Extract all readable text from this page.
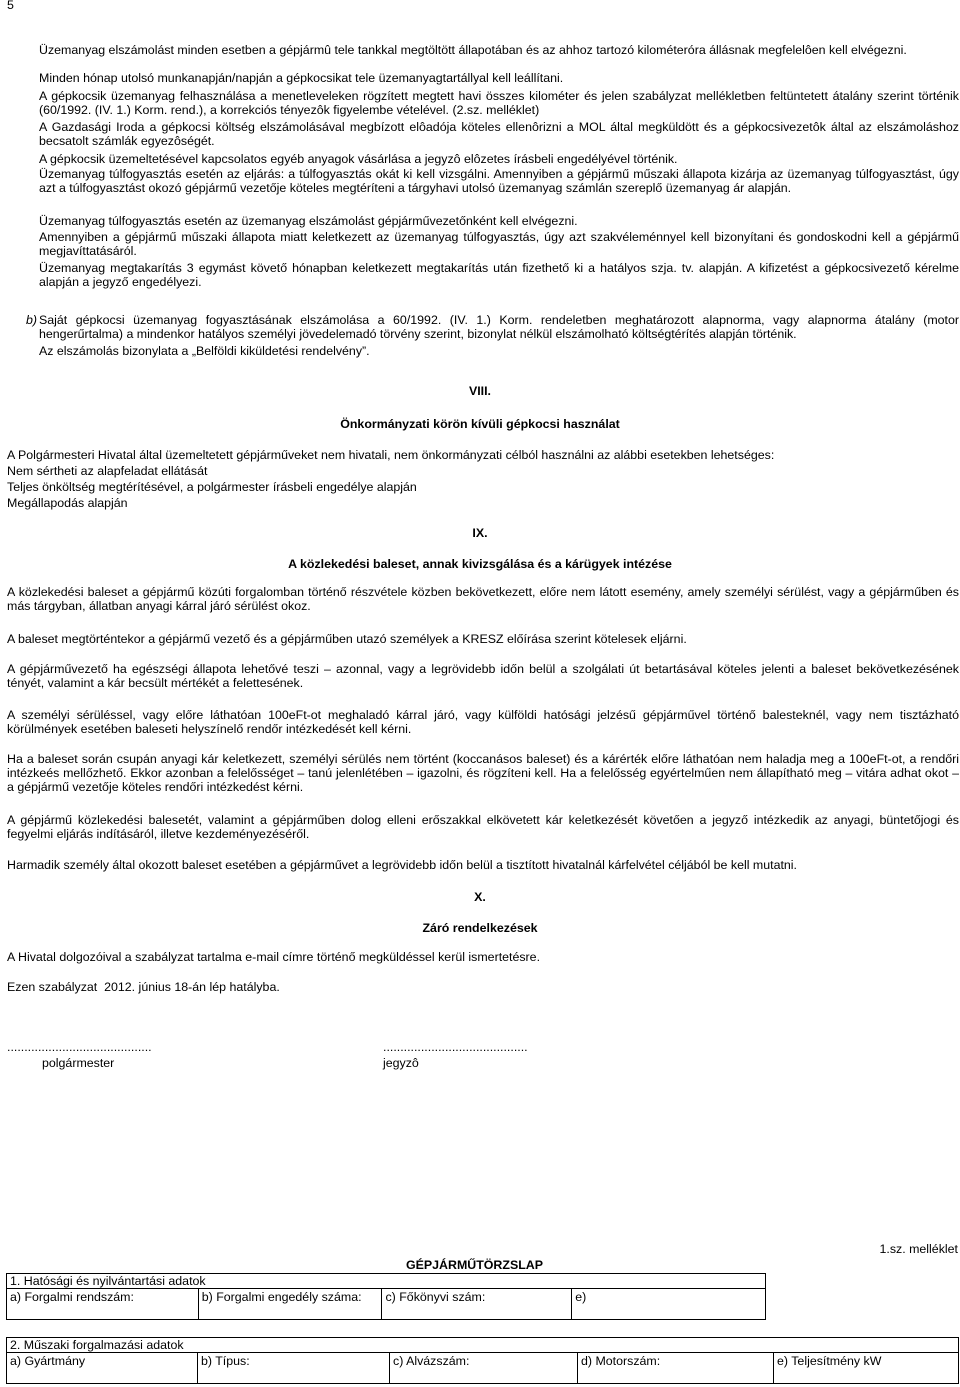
5

Üzemanyag elszámolást minden esetben a gépjármû tele tankkal megtöltött állapotában és az ahhoz tartozó kilométeróra állásnak megfelelôen kell elvégezni.

Minden hónap utolsó munkanapján/napján a gépkocsikat tele üzemanyagtartállyal kell leállítani.

A gépkocsik üzemanyag felhasználása a menetleveleken rögzített megtett havi összes kilométer és jelen szabályzat mellékletben feltüntetett átalány szerint történik (60/1992. (IV. 1.) Korm. rend.), a korrekciós tényezôk figyelembe vételével. (2.sz. melléklet)

A Gazdasági Iroda a gépkocsi költség elszámolásával megbízott elôadója köteles ellenôrizni a MOL által megküldött és a gépkocsivezetôk által az elszámoláshoz becsatolt számlák egyezôségét.

A gépkocsik üzemeltetésével kapcsolatos egyéb anyagok vásárlása a jegyzô elôzetes írásbeli engedélyével történik.

Üzemanyag túlfogyasztás esetén az eljárás: a túlfogyasztás okát ki kell vizsgálni. Amennyiben a gépjármű műszaki állapota kizárja az üzemanyag túlfogyasztást, úgy azt a túlfogyasztást okozó gépjármű vezetője köteles megtéríteni a tárgyhavi utolsó üzemanyag számlán szereplő üzemanyag ár alapján.

Üzemanyag túlfogyasztás esetén az üzemanyag elszámolást gépjárművezetőnként kell elvégezni.

Amennyiben a gépjármű műszaki állapota miatt keletkezett az üzemanyag túlfogyasztás, úgy azt szakvéleménnyel kell bizonyítani és gondoskodni kell a gépjármű megjavíttatásáról.

Üzemanyag megtakarítás 3 egymást követő hónapban keletkezett megtakarítás után fizethető ki a hatályos szja. tv. alapján. A kifizetést a gépkocsivezető kérelme alapján a jegyző engedélyezi.

b) Saját gépkocsi üzemanyag fogyasztásának elszámolása a 60/1992. (IV. 1.) Korm. rendeletben meghatározott alapnorma, vagy alapnorma átalány (motor hengerűrtalma) a mindenkor hatályos személyi jövedelemadó törvény szerint, bizonylat nélkül elszámolható költségtérítés alapján történik.

Az elszámolás bizonylata a „Belföldi kiküldetési rendelvény”.

VIII.

Önkormányzati körön kívüli gépkocsi használat

A Polgármesteri Hivatal által üzemeltetett gépjárműveket nem hivatali, nem önkormányzati célból használni az alábbi esetekben lehetséges:

Nem sértheti az alapfeladat ellátását

Teljes önköltség megtérítésével, a polgármester írásbeli engedélye alapján

Megállapodás alapján

IX.

A közlekedési baleset, annak kivizsgálása és a kárügyek intézése

A közlekedési baleset a gépjármű közúti forgalomban történő részvétele közben bekövetkezett, előre nem látott esemény, amely személyi sérülést, vagy a gépjárműben és más tárgyban, állatban anyagi kárral járó sérülést okoz.

A baleset megtörténtekor a gépjármű vezető és a gépjárműben utazó személyek a KRESZ előírása szerint kötelesek eljárni.

A gépjárművezető ha egészségi állapota lehetővé teszi – azonnal, vagy a legrövidebb időn belül a szolgálati út betartásával köteles jelenti a baleset bekövetkezésének tényét, valamint a kár becsült mértékét a felettesének.

A személyi sérüléssel, vagy előre láthatóan 100eFt-ot meghaladó kárral járó, vagy külföldi hatósági jelzésű gépjárművel történő balesteknél, vagy nem tisztázható körülmények esetében baleseti helyszínelő rendőr intézkedését kell kérni.

Ha a baleset során csupán anyagi kár keletkezett, személyi sérülés nem történt (koccanásos baleset) és a kárérték előre láthatóan nem haladja meg a 100eFt-ot, a rendőri intézkeés mellőzhető. Ekkor azonban a felelősséget – tanú jelenlétében – igazolni, és rögzíteni kell. Ha a felelősség egyértelműen nem állapítható meg – vitára adhat okot – a gépjármű vezetője köteles rendőri intézkedést kérni.

A gépjármű közlekedési balesetét, valamint a gépjárműben dolog elleni erőszakkal elkövetett kár keletkezését követően a jegyző intézkedik az anyagi, büntetőjogi és fegyelmi eljárás indításáról, illetve kezdeményezéséről.

Harmadik személy által okozott baleset esetében a gépjárművet a legrövidebb időn belül a tisztított hivatalnál kárfelvétel céljából be kell mutatni.

X.

Záró rendelkezések

A Hivatal dolgozóival a szabályzat tartalma e-mail címre történő megküldéssel kerül ismertetésre.

Ezen szabályzat  2012. június 18-án lép hatályba.

..........................................
polgármester
..........................................
jegyzô
1.sz. melléklet
GÉPJÁRMŰTÖRZSLAP
1. Hatósági és nyilvántartási adatok
a) Forgalmi rendszám:	b) Forgalmi engedély száma:	c) Főkönyvi szám:	e)
2. Műszaki forgalmazási adatok
a) Gyártmány	b) Típus:	c) Alvázszám:	d) Motorszám:	e) Teljesítmény kW
